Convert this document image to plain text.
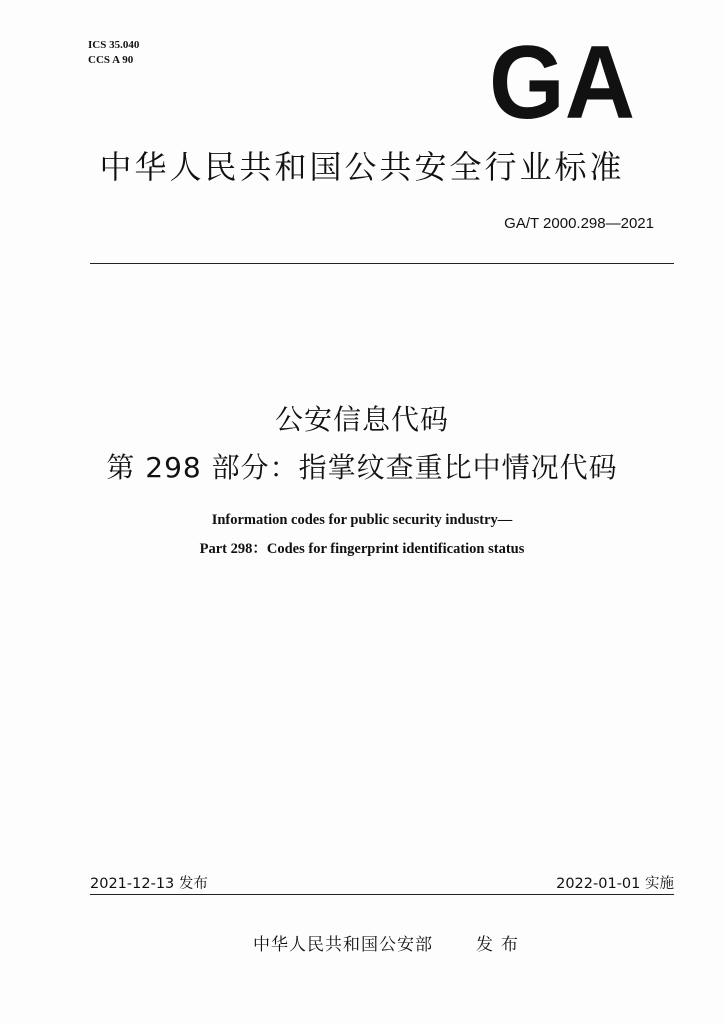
ICS 35.040
CCS A 90	GA
中华人民共和国公共安全行业标准
GA/T 2000.298—2021
公安信息代码
第 298 部分：指掌纹查重比中情况代码
Information codes for public security industry—
Part 298：Codes for fingerprint identification status
2021-12-13 发布	2022-01-01 实施
中华人民共和国公安部	发布
